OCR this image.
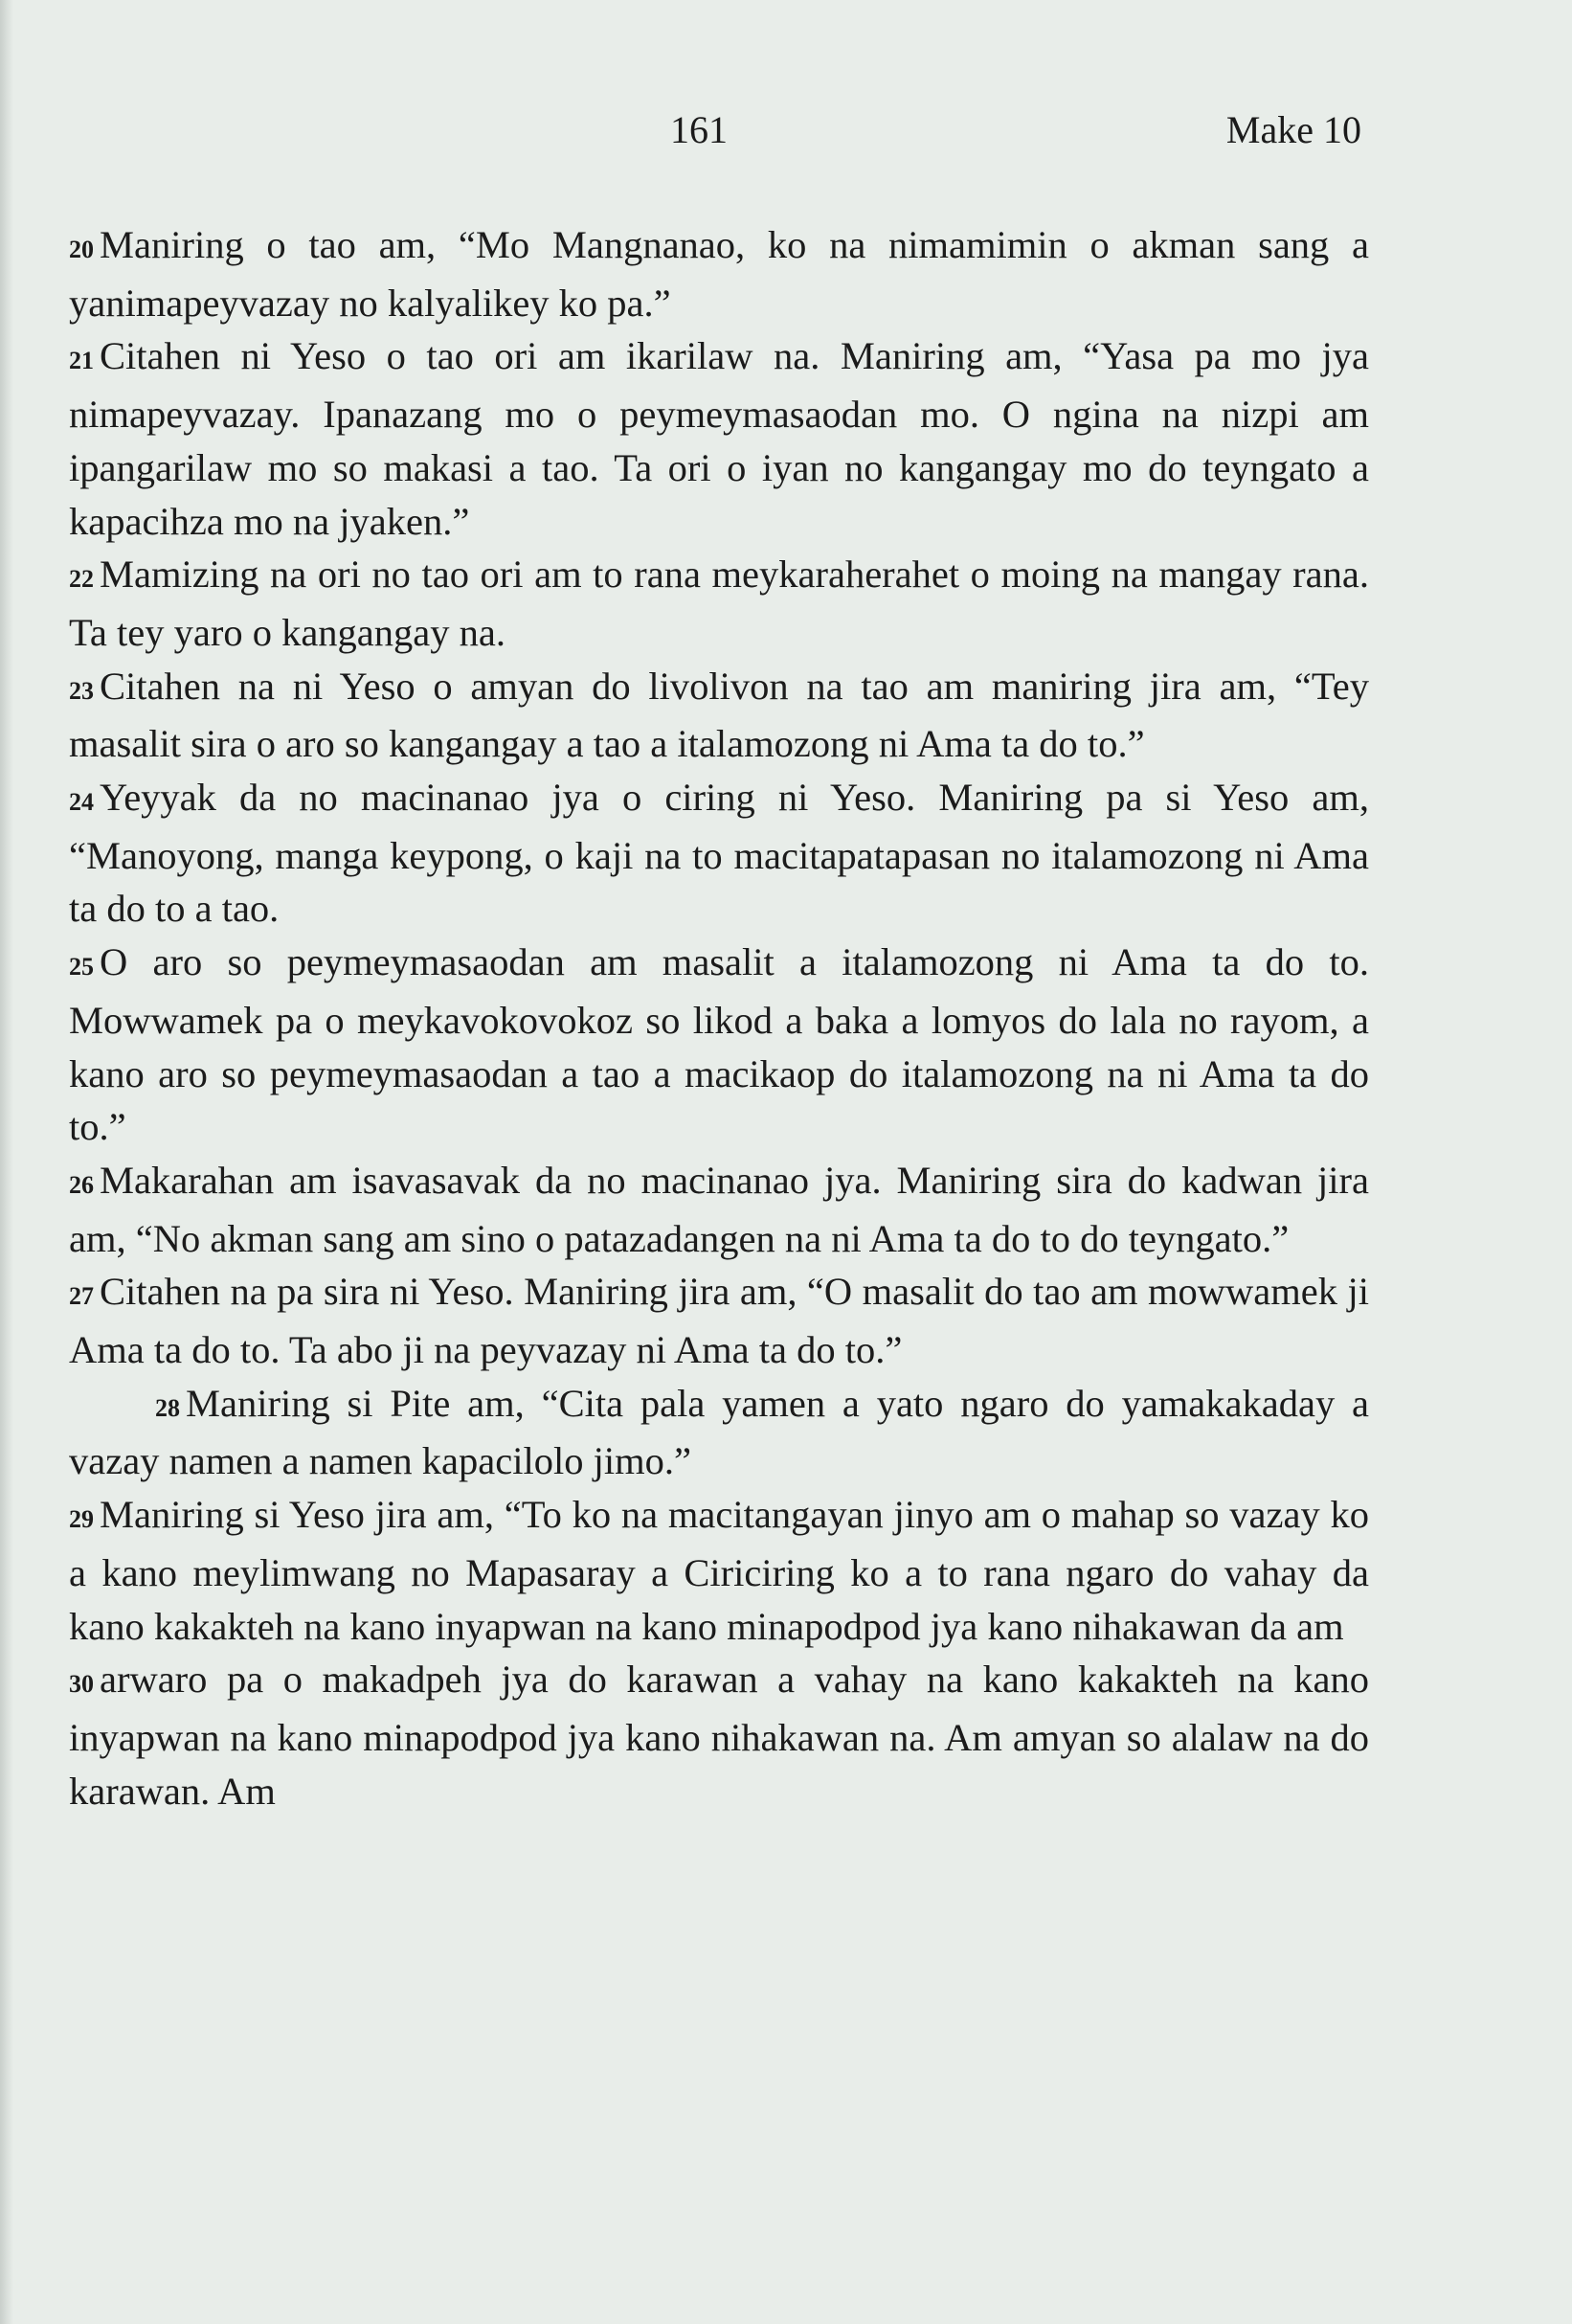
161	Make 10

20 Maniring o tao am, “Mo Mangnanao, ko na nimamimin o akman sang a yanimapeyvazay no kalyalikey ko pa.”

21 Citahen ni Yeso o tao ori am ikarilaw na. Maniring am, “Yasa pa mo jya nimapeyvazay. Ipanazang mo o peymeymasaodan mo. O ngina na nizpi am ipangarilaw mo so makasi a tao. Ta ori o iyan no kangangay mo do teyngato a kapacihza mo na jyaken.”

22 Mamizing na ori no tao ori am to rana meykaraherahet o moing na mangay rana. Ta tey yaro o kangangay na.

23 Citahen na ni Yeso o amyan do livolivon na tao am maniring jira am, “Tey masalit sira o aro so kangangay a tao a italamozong ni Ama ta do to.”

24 Yeyyak da no macinanao jya o ciring ni Yeso. Maniring pa si Yeso am, “Manoyong, manga keypong, o kaji na to macitapatapasan no italamozong ni Ama ta do to a tao.

25 O aro so peymeymasaodan am masalit a italamozong ni Ama ta do to. Mowwamek pa o meykavokovokoz so likod a baka a lomyos do lala no rayom, a kano aro so peymeymasaodan a tao a macikaop do italamozong na ni Ama ta do to.”

26 Makarahan am isavasavak da no macinanao jya. Maniring sira do kadwan jira am, “No akman sang am sino o patazadangen na ni Ama ta do to do teyngato.”

27 Citahen na pa sira ni Yeso. Maniring jira am, “O masalit do tao am mowwamek ji Ama ta do to. Ta abo ji na peyvazay ni Ama ta do to.”

28 Maniring si Pite am, “Cita pala yamen a yato ngaro do yamakakaday a vazay namen a namen kapacilolo jimo.”

29 Maniring si Yeso jira am, “To ko na macitangayan jinyo am o mahap so vazay ko a kano meylimwang no Mapasaray a Ciriciring ko a to rana ngaro do vahay da kano kakakteh na kano inyapwan na kano minapodpod jya kano nihakawan da am

30 arwaro pa o makadpeh jya do karawan a vahay na kano kakakteh na kano inyapwan na kano minapodpod jya kano nihakawan na. Am amyan so alalaw na do karawan. Am
